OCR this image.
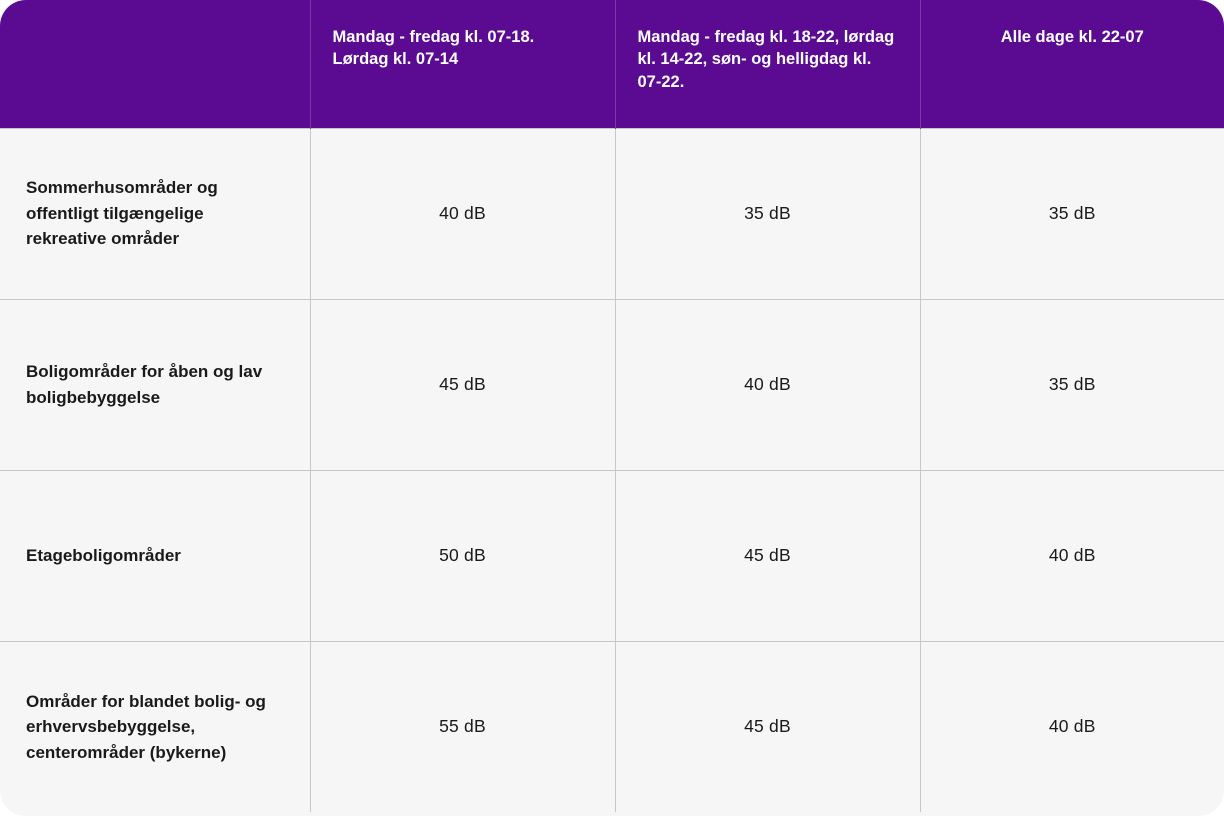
	Mandag - fredag kl. 07-18. Lørdag kl. 07-14	Mandag - fredag kl. 18-22, lørdag kl. 14-22, søn- og helligdag kl. 07-22.	Alle dage kl. 22-07
Sommerhusområder og offentligt tilgængelige rekreative områder	40 dB	35 dB	35 dB
Boligområder for åben og lav boligbebyggelse	45 dB	40 dB	35 dB
Etageboligområder	50 dB	45 dB	40 dB
Områder for blandet bolig- og erhvervsbebyggelse, centerområder (bykerne)	55 dB	45 dB	40 dB
